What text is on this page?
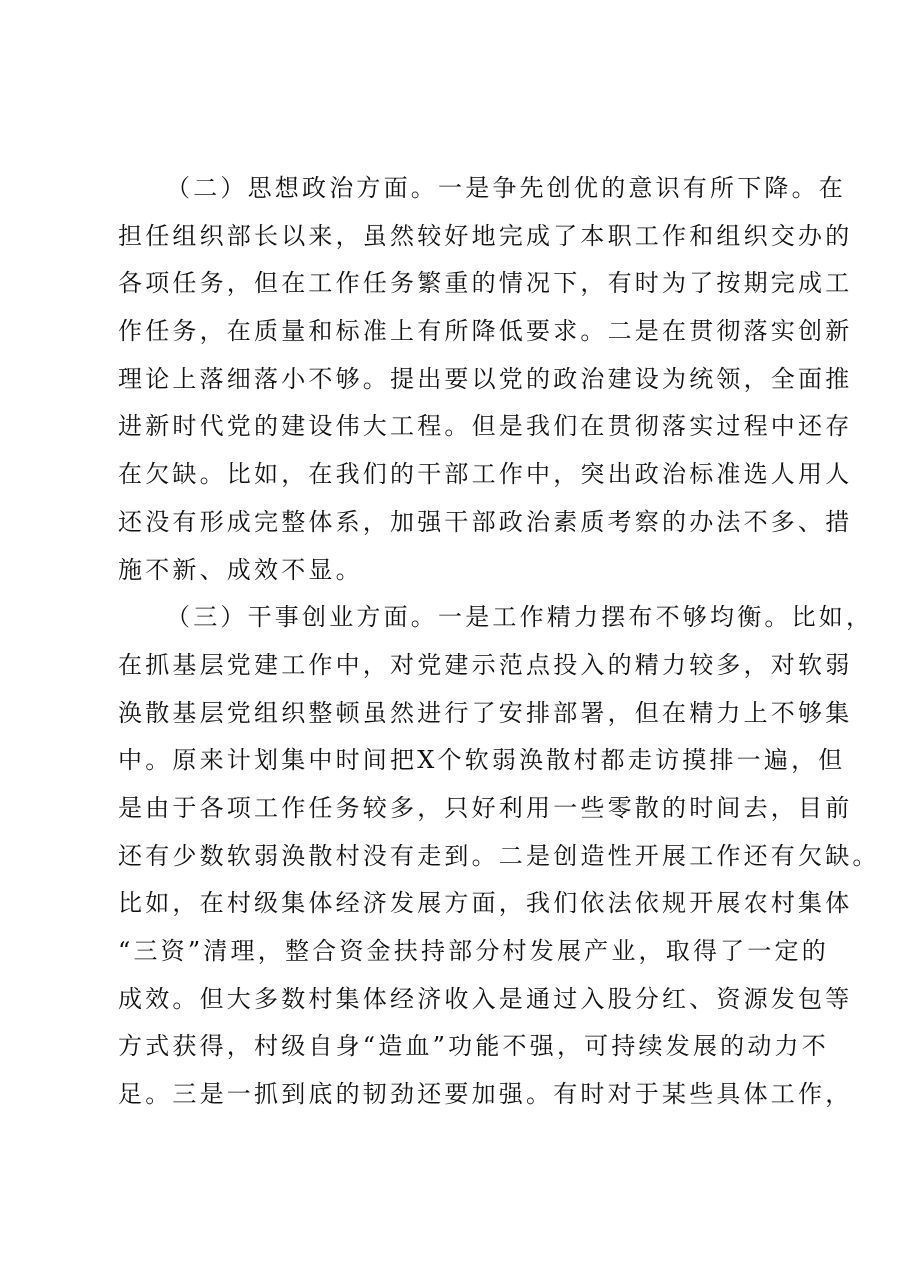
（二）思想政治方面。一是争先创优的意识有所下降。在
担任组织部长以来，虽然较好地完成了本职工作和组织交办的
各项任务，但在工作任务繁重的情况下，有时为了按期完成工
作任务，在质量和标准上有所降低要求。二是在贯彻落实创新
理论上落细落小不够。提出要以党的政治建设为统领，全面推
进新时代党的建设伟大工程。但是我们在贯彻落实过程中还存
在欠缺。比如，在我们的干部工作中，突出政治标准选人用人
还没有形成完整体系，加强干部政治素质考察的办法不多、措
施不新、成效不显。
（三）干事创业方面。一是工作精力摆布不够均衡。比如，
在抓基层党建工作中，对党建示范点投入的精力较多，对软弱
涣散基层党组织整顿虽然进行了安排部署，但在精力上不够集
中。原来计划集中时间把X个软弱涣散村都走访摸排一遍，但
是由于各项工作任务较多，只好利用一些零散的时间去，目前
还有少数软弱涣散村没有走到。二是创造性开展工作还有欠缺。
比如，在村级集体经济发展方面，我们依法依规开展农村集体
“三资”清理，整合资金扶持部分村发展产业，取得了一定的
成效。但大多数村集体经济收入是通过入股分红、资源发包等
方式获得，村级自身“造血”功能不强，可持续发展的动力不
足。三是一抓到底的韧劲还要加强。有时对于某些具体工作，
